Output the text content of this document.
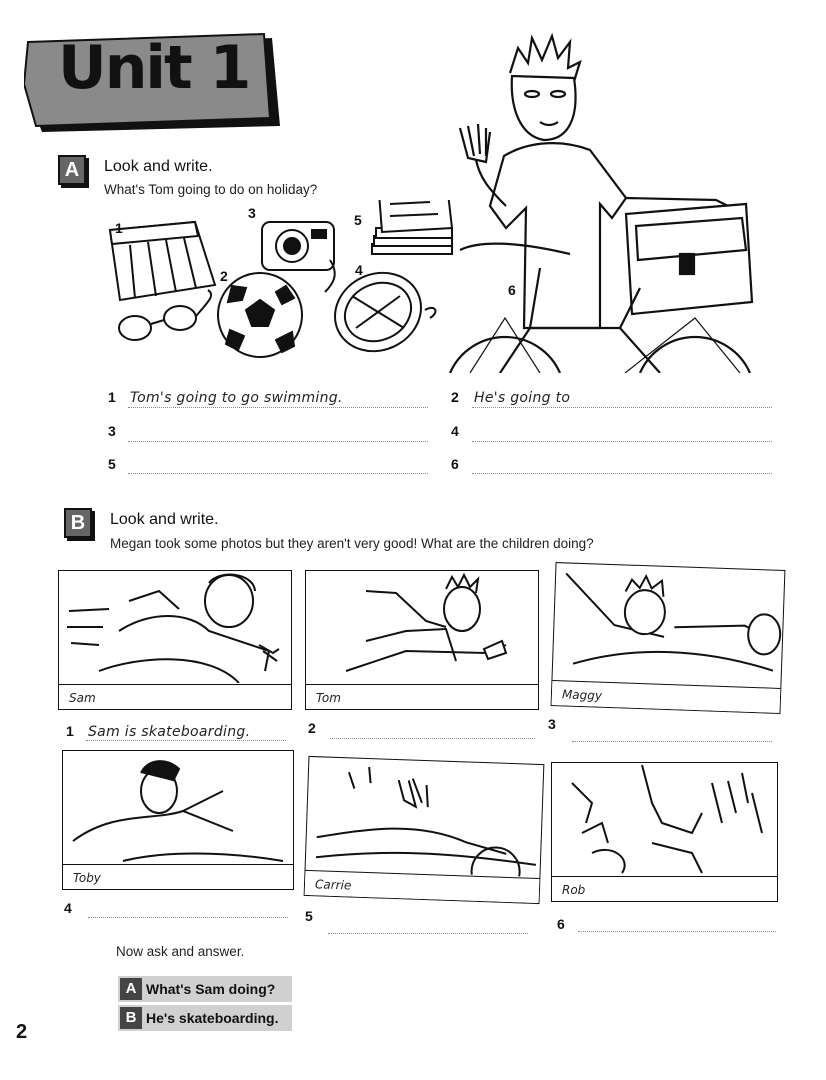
Unit 1
A	Look and write.
What's Tom going to do on holiday?
1
2
3
4
5
6
1 Tom's going to go swimming.	2 He's going to
3	4
5	6
B	Look and write.
Megan took some photos but they aren't very good! What are the children doing?
Sam	Tom	Maggy
1 Sam is skateboarding.	2	3
Toby	Carrie	Rob
4	5	6
Now ask and answer.
A What's Sam doing?
B He's skateboarding.
2
